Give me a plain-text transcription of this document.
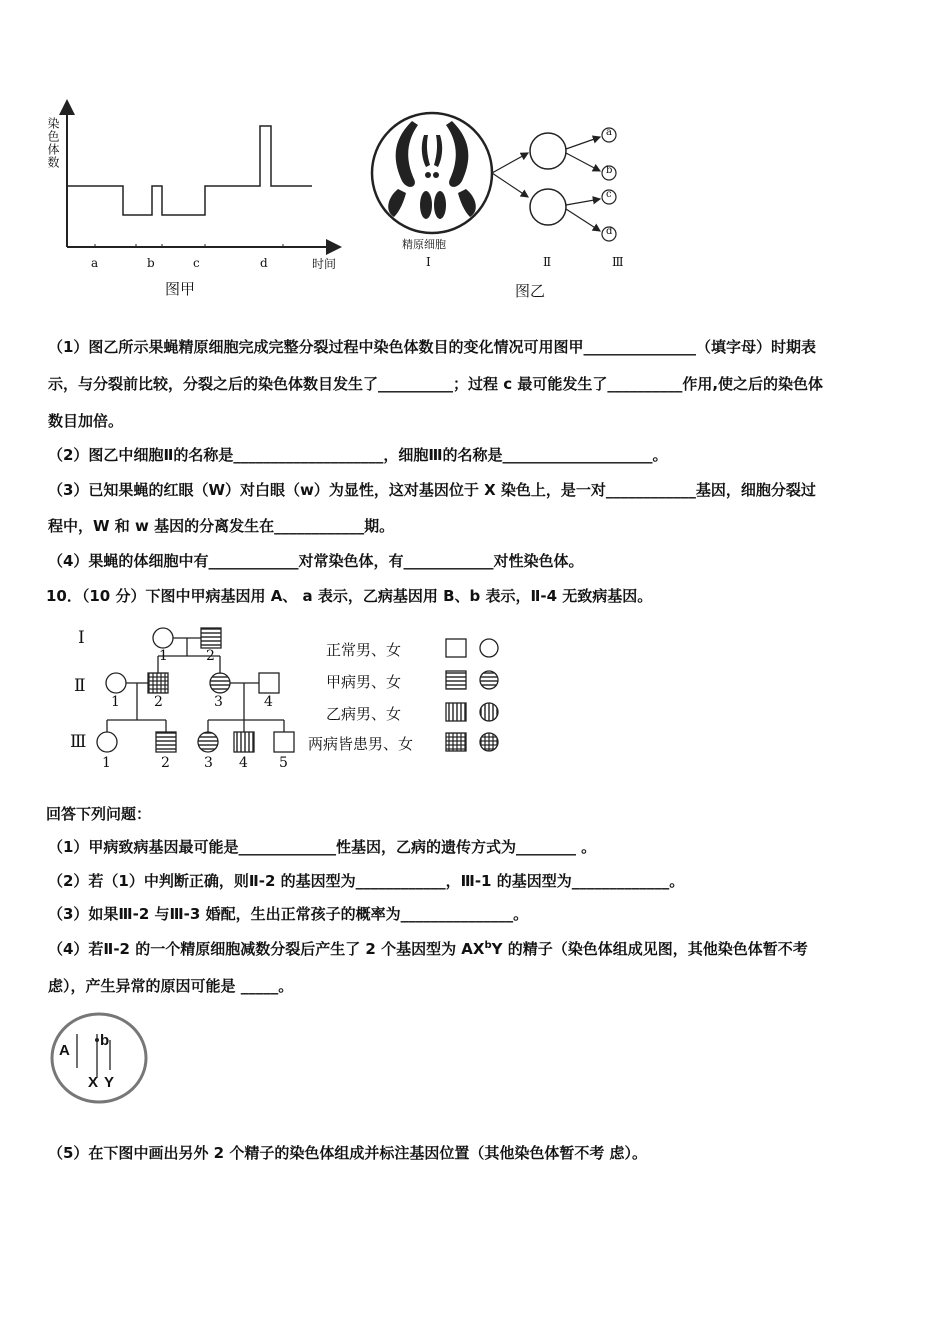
染色体数
时间
a	b	c	d
图甲
a
b
c
d
精原细胞
Ⅰ	Ⅱ	Ⅲ
图乙
（1）图乙所示果蝇精原细胞完成完整分裂过程中染色体数目的变化情况可用图甲_______________（填字母）时期表
示，与分裂前比较，分裂之后的染色体数目发生了__________；过程 c 最可能发生了__________作用,使之后的染色体
数目加倍。
（2）图乙中细胞Ⅱ的名称是____________________，细胞Ⅲ的名称是____________________。
（3）已知果蝇的红眼（W）对白眼（w）为显性，这对基因位于 X 染色上，是一对____________基因，细胞分裂过
程中，W 和 w 基因的分离发生在____________期。
（4）果蝇的体细胞中有____________对常染色体，有____________对性染色体。
10．（10 分）下图中甲病基因用 A、 a 表示，乙病基因用 B、b 表示，Ⅱ-4 无致病基因。
Ⅰ
Ⅱ
Ⅲ
1	2
1 2	3	4
1	2 3 4 5
正常男、女
甲病男、女
乙病男、女
两病皆患男、女
回答下列问题：
（1）甲病致病基因最可能是_____________性基因，乙病的遗传方式为________ 。
（2）若（1）中判断正确，则Ⅱ-2 的基因型为____________，Ⅲ-1 的基因型为_____________。
（3）如果Ⅲ-2 与Ⅲ-3 婚配，生出正常孩子的概率为_______________。
（4）若Ⅱ-2 的一个精原细胞减数分裂后产生了 2 个基因型为 $AX^bY$ 的精子（染色体组成见图，其他染色体暂不考
虑），产生异常的原因可能是 _____。
A
b
X Y
（5）在下图中画出另外 2 个精子的染色体组成并标注基因位置（其他染色体暂不考 虑）。
